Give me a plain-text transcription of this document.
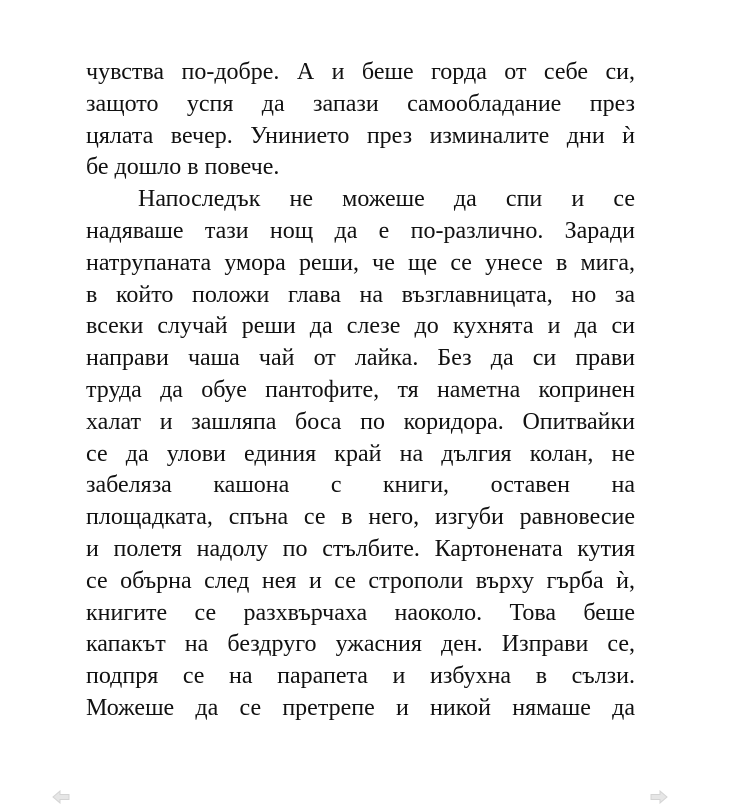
чувства по-добре. А и беше горда от себе си,
защото успя да запази самообладание през
цялата вечер. Унинието през изминалите дни ѝ
бе дошло в повече.
Напоследък не можеше да спи и се
надяваше тази нощ да е по-различно. Заради
натрупаната умора реши, че ще се унесе в мига,
в който положи глава на възглавницата, но за
всеки случай реши да слезе до кухнята и да си
направи чаша чай от лайка. Без да си прави
труда да обуе пантофите, тя наметна копринен
халат и зашляпа боса по коридора. Опитвайки
се да улови единия край на дългия колан, не
забеляза кашона с книги, оставен на
площадката, спъна се в него, изгуби равновесие
и полетя надолу по стълбите. Картонената кутия
се обърна след нея и се строполи върху гърба ѝ,
книгите се разхвърчаха наоколо. Това беше
капакът на бездруго ужасния ден. Изправи се,
подпря се на парапета и избухна в сълзи.
Можеше да се претрепе и никой нямаше да
